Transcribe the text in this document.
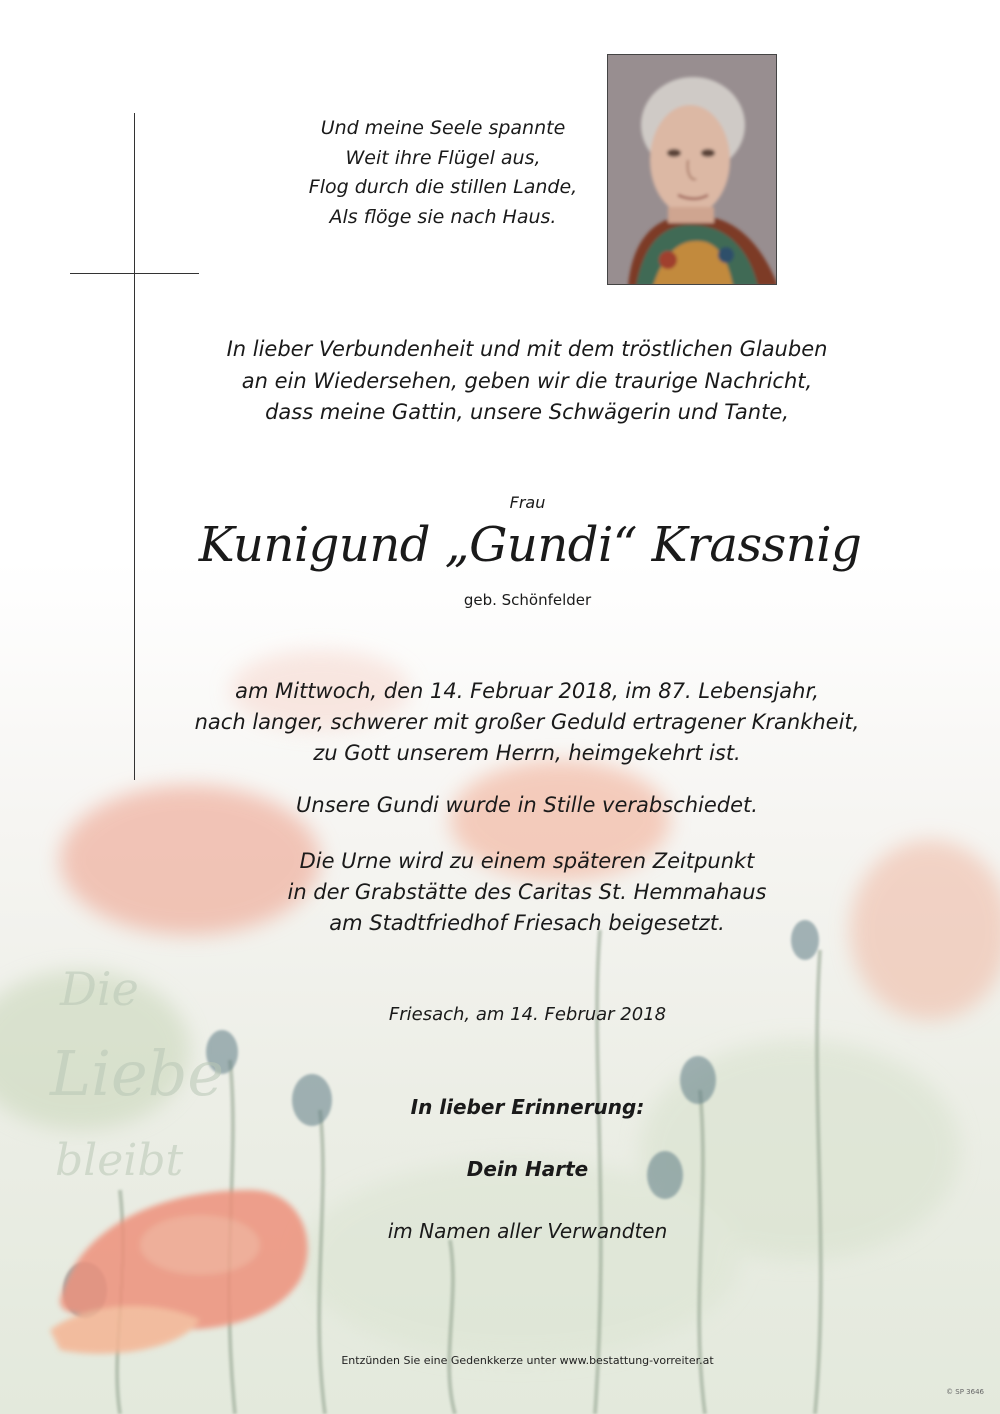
Die
Liebe
bleibt
Und meine Seele spannte
Weit ihre Flügel aus,
Flog durch die stillen Lande,
Als flöge sie nach Haus.
In lieber Verbundenheit und mit dem tröstlichen Glauben
an ein Wiedersehen, geben wir die traurige Nachricht,
dass meine Gattin, unsere Schwägerin und Tante,
Frau
Kunigund „Gundi“ Krassnig
geb. Schönfelder
am Mittwoch, den 14. Februar 2018, im 87. Lebensjahr,
nach langer, schwerer mit großer Geduld ertragener Krankheit,
zu Gott unserem Herrn, heimgekehrt ist.
Unsere Gundi wurde in Stille verabschiedet.
Die Urne wird zu einem späteren Zeitpunkt
in der Grabstätte des Caritas St. Hemmahaus
am Stadtfriedhof Friesach beigesetzt.
Friesach, am 14. Februar 2018
In lieber Erinnerung:
Dein Harte
im Namen aller Verwandten
Entzünden Sie eine Gedenkkerze unter www.bestattung-vorreiter.at
© SP 3646
